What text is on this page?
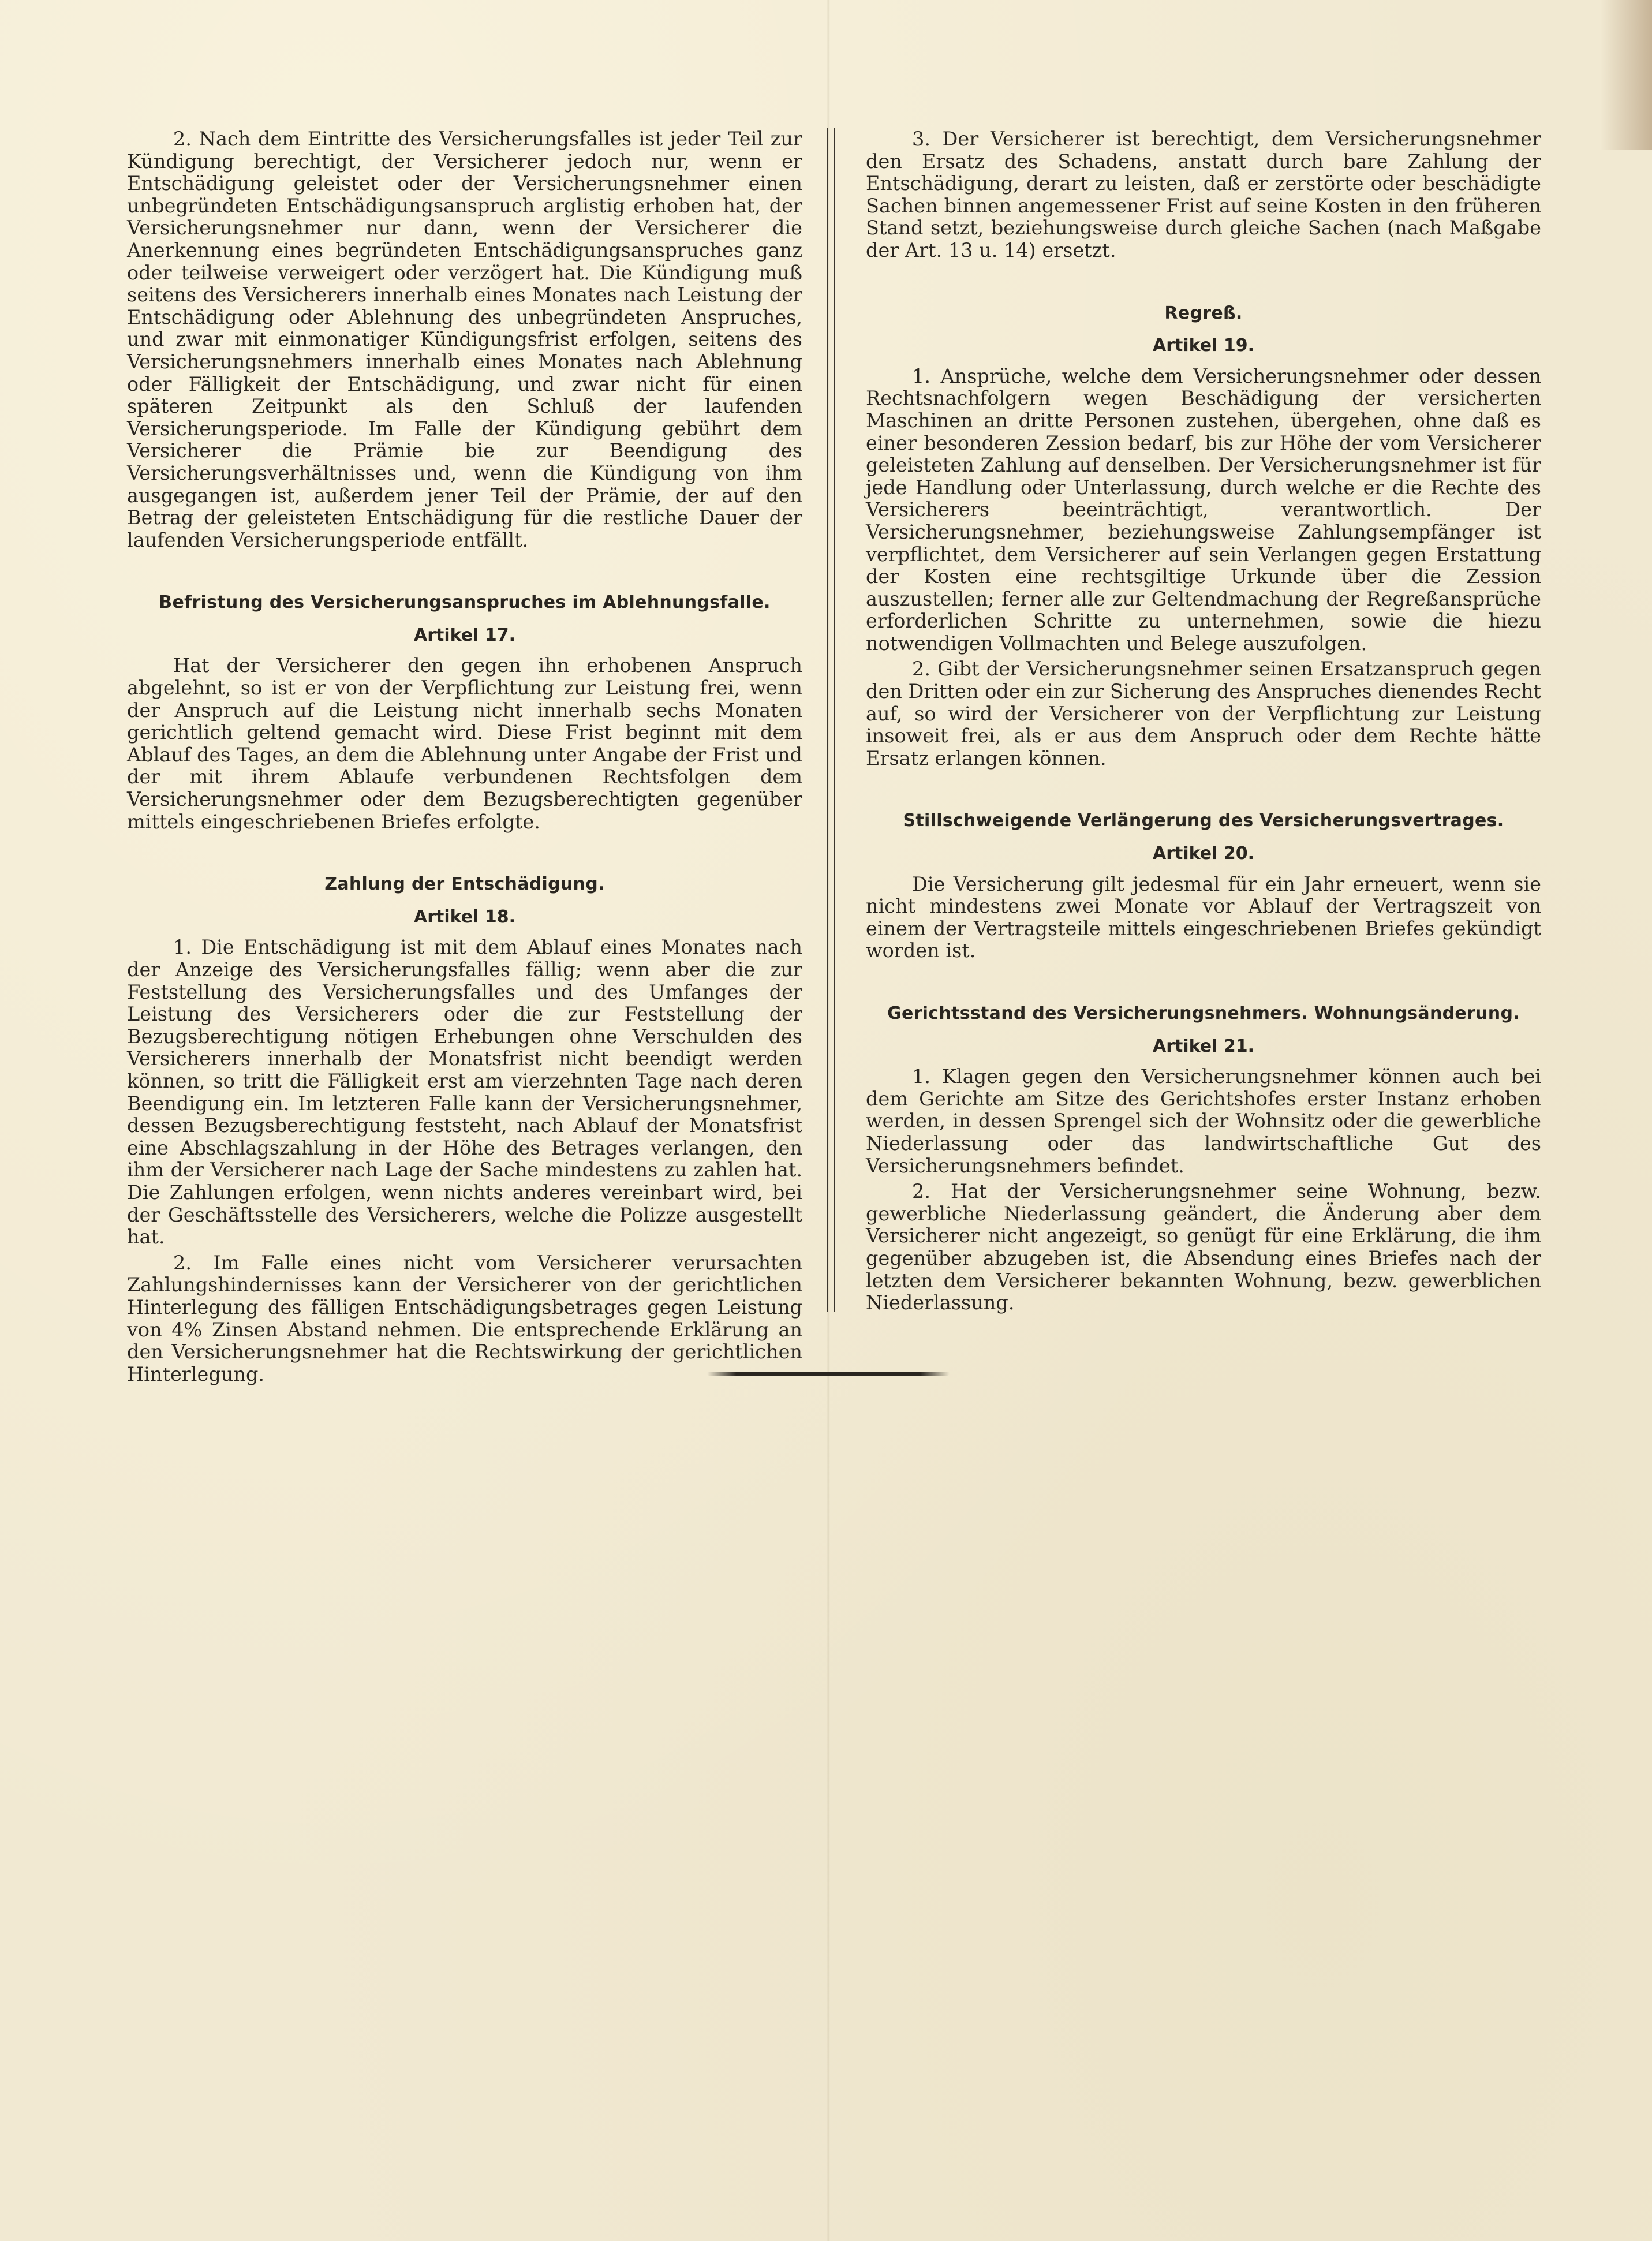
2. Nach dem Eintritte des Versicherungsfalles ist jeder Teil zur Kündigung berechtigt, der Versicherer jedoch nur, wenn er Entschädigung geleistet oder der Versicherungsnehmer einen unbegründeten Entschädigungsanspruch arglistig erhoben hat, der Versicherungsnehmer nur dann, wenn der Versicherer die Anerkennung eines begründeten Entschädigungsanspruches ganz oder teilweise verweigert oder verzögert hat. Die Kündigung muß seitens des Versicherers innerhalb eines Monates nach Leistung der Entschädigung oder Ablehnung des unbegründeten Anspruches, und zwar mit einmonatiger Kündigungsfrist erfolgen, seitens des Versicherungsnehmers innerhalb eines Monates nach Ablehnung oder Fälligkeit der Entschädigung, und zwar nicht für einen späteren Zeitpunkt als den Schluß der laufenden Versicherungsperiode. Im Falle der Kündigung gebührt dem Versicherer die Prämie bie zur Beendigung des Versicherungsverhältnisses und, wenn die Kündigung von ihm ausgegangen ist, außerdem jener Teil der Prämie, der auf den Betrag der geleisteten Entschädigung für die restliche Dauer der laufenden Versicherungsperiode entfällt.

Befristung des Versicherungsanspruches im Ablehnungsfalle.
Artikel 17.

Hat der Versicherer den gegen ihn erhobenen Anspruch abgelehnt, so ist er von der Verpflichtung zur Leistung frei, wenn der Anspruch auf die Leistung nicht innerhalb sechs Monaten gerichtlich geltend gemacht wird. Diese Frist beginnt mit dem Ablauf des Tages, an dem die Ablehnung unter Angabe der Frist und der mit ihrem Ablaufe verbundenen Rechtsfolgen dem Versicherungsnehmer oder dem Bezugsberechtigten gegenüber mittels eingeschriebenen Briefes erfolgte.

Zahlung der Entschädigung.
Artikel 18.

1. Die Entschädigung ist mit dem Ablauf eines Monates nach der Anzeige des Versicherungsfalles fällig; wenn aber die zur Feststellung des Versicherungsfalles und des Umfanges der Leistung des Versicherers oder die zur Feststellung der Bezugsberechtigung nötigen Erhebungen ohne Verschulden des Versicherers innerhalb der Monatsfrist nicht beendigt werden können, so tritt die Fälligkeit erst am vierzehnten Tage nach deren Beendigung ein. Im letzteren Falle kann der Versicherungsnehmer, dessen Bezugsberechtigung feststeht, nach Ablauf der Monatsfrist eine Abschlagszahlung in der Höhe des Betrages verlangen, den ihm der Versicherer nach Lage der Sache mindestens zu zahlen hat. Die Zahlungen erfolgen, wenn nichts anderes vereinbart wird, bei der Geschäftsstelle des Versicherers, welche die Polizze ausgestellt hat.

2. Im Falle eines nicht vom Versicherer verursachten Zahlungshindernisses kann der Versicherer von der gerichtlichen Hinterlegung des fälligen Entschädigungsbetrages gegen Leistung von 4% Zinsen Abstand nehmen. Die entsprechende Erklärung an den Versicherungsnehmer hat die Rechtswirkung der gerichtlichen Hinterlegung.

3. Der Versicherer ist berechtigt, dem Versicherungsnehmer den Ersatz des Schadens, anstatt durch bare Zahlung der Entschädigung, derart zu leisten, daß er zerstörte oder beschädigte Sachen binnen angemessener Frist auf seine Kosten in den früheren Stand setzt, beziehungsweise durch gleiche Sachen (nach Maßgabe der Art. 13 u. 14) ersetzt.

Regreß.
Artikel 19.

1. Ansprüche, welche dem Versicherungsnehmer oder dessen Rechtsnachfolgern wegen Beschädigung der versicherten Maschinen an dritte Personen zustehen, übergehen, ohne daß es einer besonderen Zession bedarf, bis zur Höhe der vom Versicherer geleisteten Zahlung auf denselben. Der Versicherungsnehmer ist für jede Handlung oder Unterlassung, durch welche er die Rechte des Versicherers beeinträchtigt, verantwortlich. Der Versicherungsnehmer, beziehungsweise Zahlungsempfänger ist verpflichtet, dem Versicherer auf sein Verlangen gegen Erstattung der Kosten eine rechtsgiltige Urkunde über die Zession auszustellen; ferner alle zur Geltendmachung der Regreßansprüche erforderlichen Schritte zu unternehmen, sowie die hiezu notwendigen Vollmachten und Belege auszufolgen.

2. Gibt der Versicherungsnehmer seinen Ersatzanspruch gegen den Dritten oder ein zur Sicherung des Anspruches dienendes Recht auf, so wird der Versicherer von der Verpflichtung zur Leistung insoweit frei, als er aus dem Anspruch oder dem Rechte hätte Ersatz erlangen können.

Stillschweigende Verlängerung des Versicherungsvertrages.
Artikel 20.

Die Versicherung gilt jedesmal für ein Jahr erneuert, wenn sie nicht mindestens zwei Monate vor Ablauf der Vertragszeit von einem der Vertragsteile mittels eingeschriebenen Briefes gekündigt worden ist.

Gerichtsstand des Versicherungsnehmers. Wohnungsänderung.
Artikel 21.

1. Klagen gegen den Versicherungsnehmer können auch bei dem Gerichte am Sitze des Gerichtshofes erster Instanz erhoben werden, in dessen Sprengel sich der Wohnsitz oder die gewerbliche Niederlassung oder das landwirtschaftliche Gut des Versicherungsnehmers befindet.

2. Hat der Versicherungsnehmer seine Wohnung, bezw. gewerbliche Niederlassung geändert, die Änderung aber dem Versicherer nicht angezeigt, so genügt für eine Erklärung, die ihm gegenüber abzugeben ist, die Absendung eines Briefes nach der letzten dem Versicherer bekannten Wohnung, bezw. gewerblichen Niederlassung.
